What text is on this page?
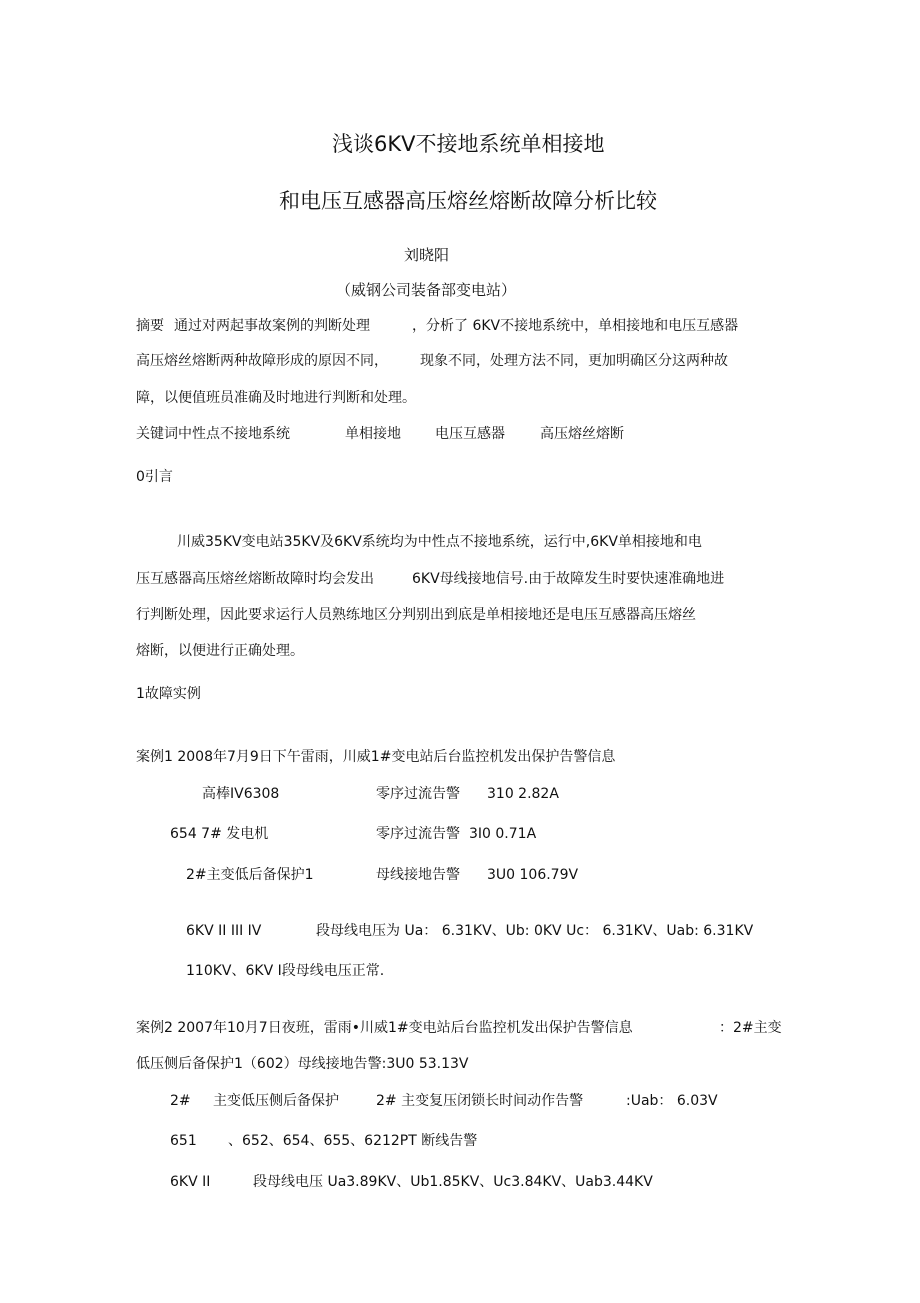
浅谈6KV不接地系统单相接地
和电压互感器高压熔丝熔断故障分析比较
刘晓阳
（威钢公司装备部变电站）
摘要 通过对两起事故案例的判断处理	，分析了 6KV不接地系统中，单相接地和电压互感器
高压熔丝熔断两种故障形成的原因不同， 现象不同，处理方法不同，更加明确区分这两种故
障，以便值班员准确及时地进行判断和处理。
关键词中性点不接地系统	单相接地 电压互感器	高压熔丝熔断
0引言
川威35KV变电站35KV及6KV系统均为中性点不接地系统，运行中,6KV单相接地和电
压互感器高压熔丝熔断故障时均会发出	6KV母线接地信号.由于故障发生时要快速准确地进
行判断处理，因此要求运行人员熟练地区分判别出到底是单相接地还是电压互感器高压熔丝
熔断，以便进行正确处理。
1故障实例
案例1 2008年7月9日下午雷雨，川威1#变电站后台监控机发出保护告警信息
高棒IV6308	零序过流告警 310 2.82A
654 7# 发电机	零序过流告警 3I0 0.71A
2#主变低后备保护1	母线接地告警 3U0 106.79V
6KV II III IV	段母线电压为 Ua： 6.31KV、Ub: 0KV Uc： 6.31KV、Uab: 6.31KV
110KV、6KV I段母线电压正常.
案例2 2007年10月7日夜班，雷雨•川威1#变电站后台监控机发出保护告警信息	：2#主变
低压侧后备保护1（602）母线接地告警:3U0 53.13V
2# 主变低压侧后备保护	2# 主变复压闭锁长时间动作告警	:Uab： 6.03V
651 、652、654、655、6212PT 断线告警
6KV II	段母线电压 Ua3.89KV、Ub1.85KV、Uc3.84KV、Uab3.44KV
